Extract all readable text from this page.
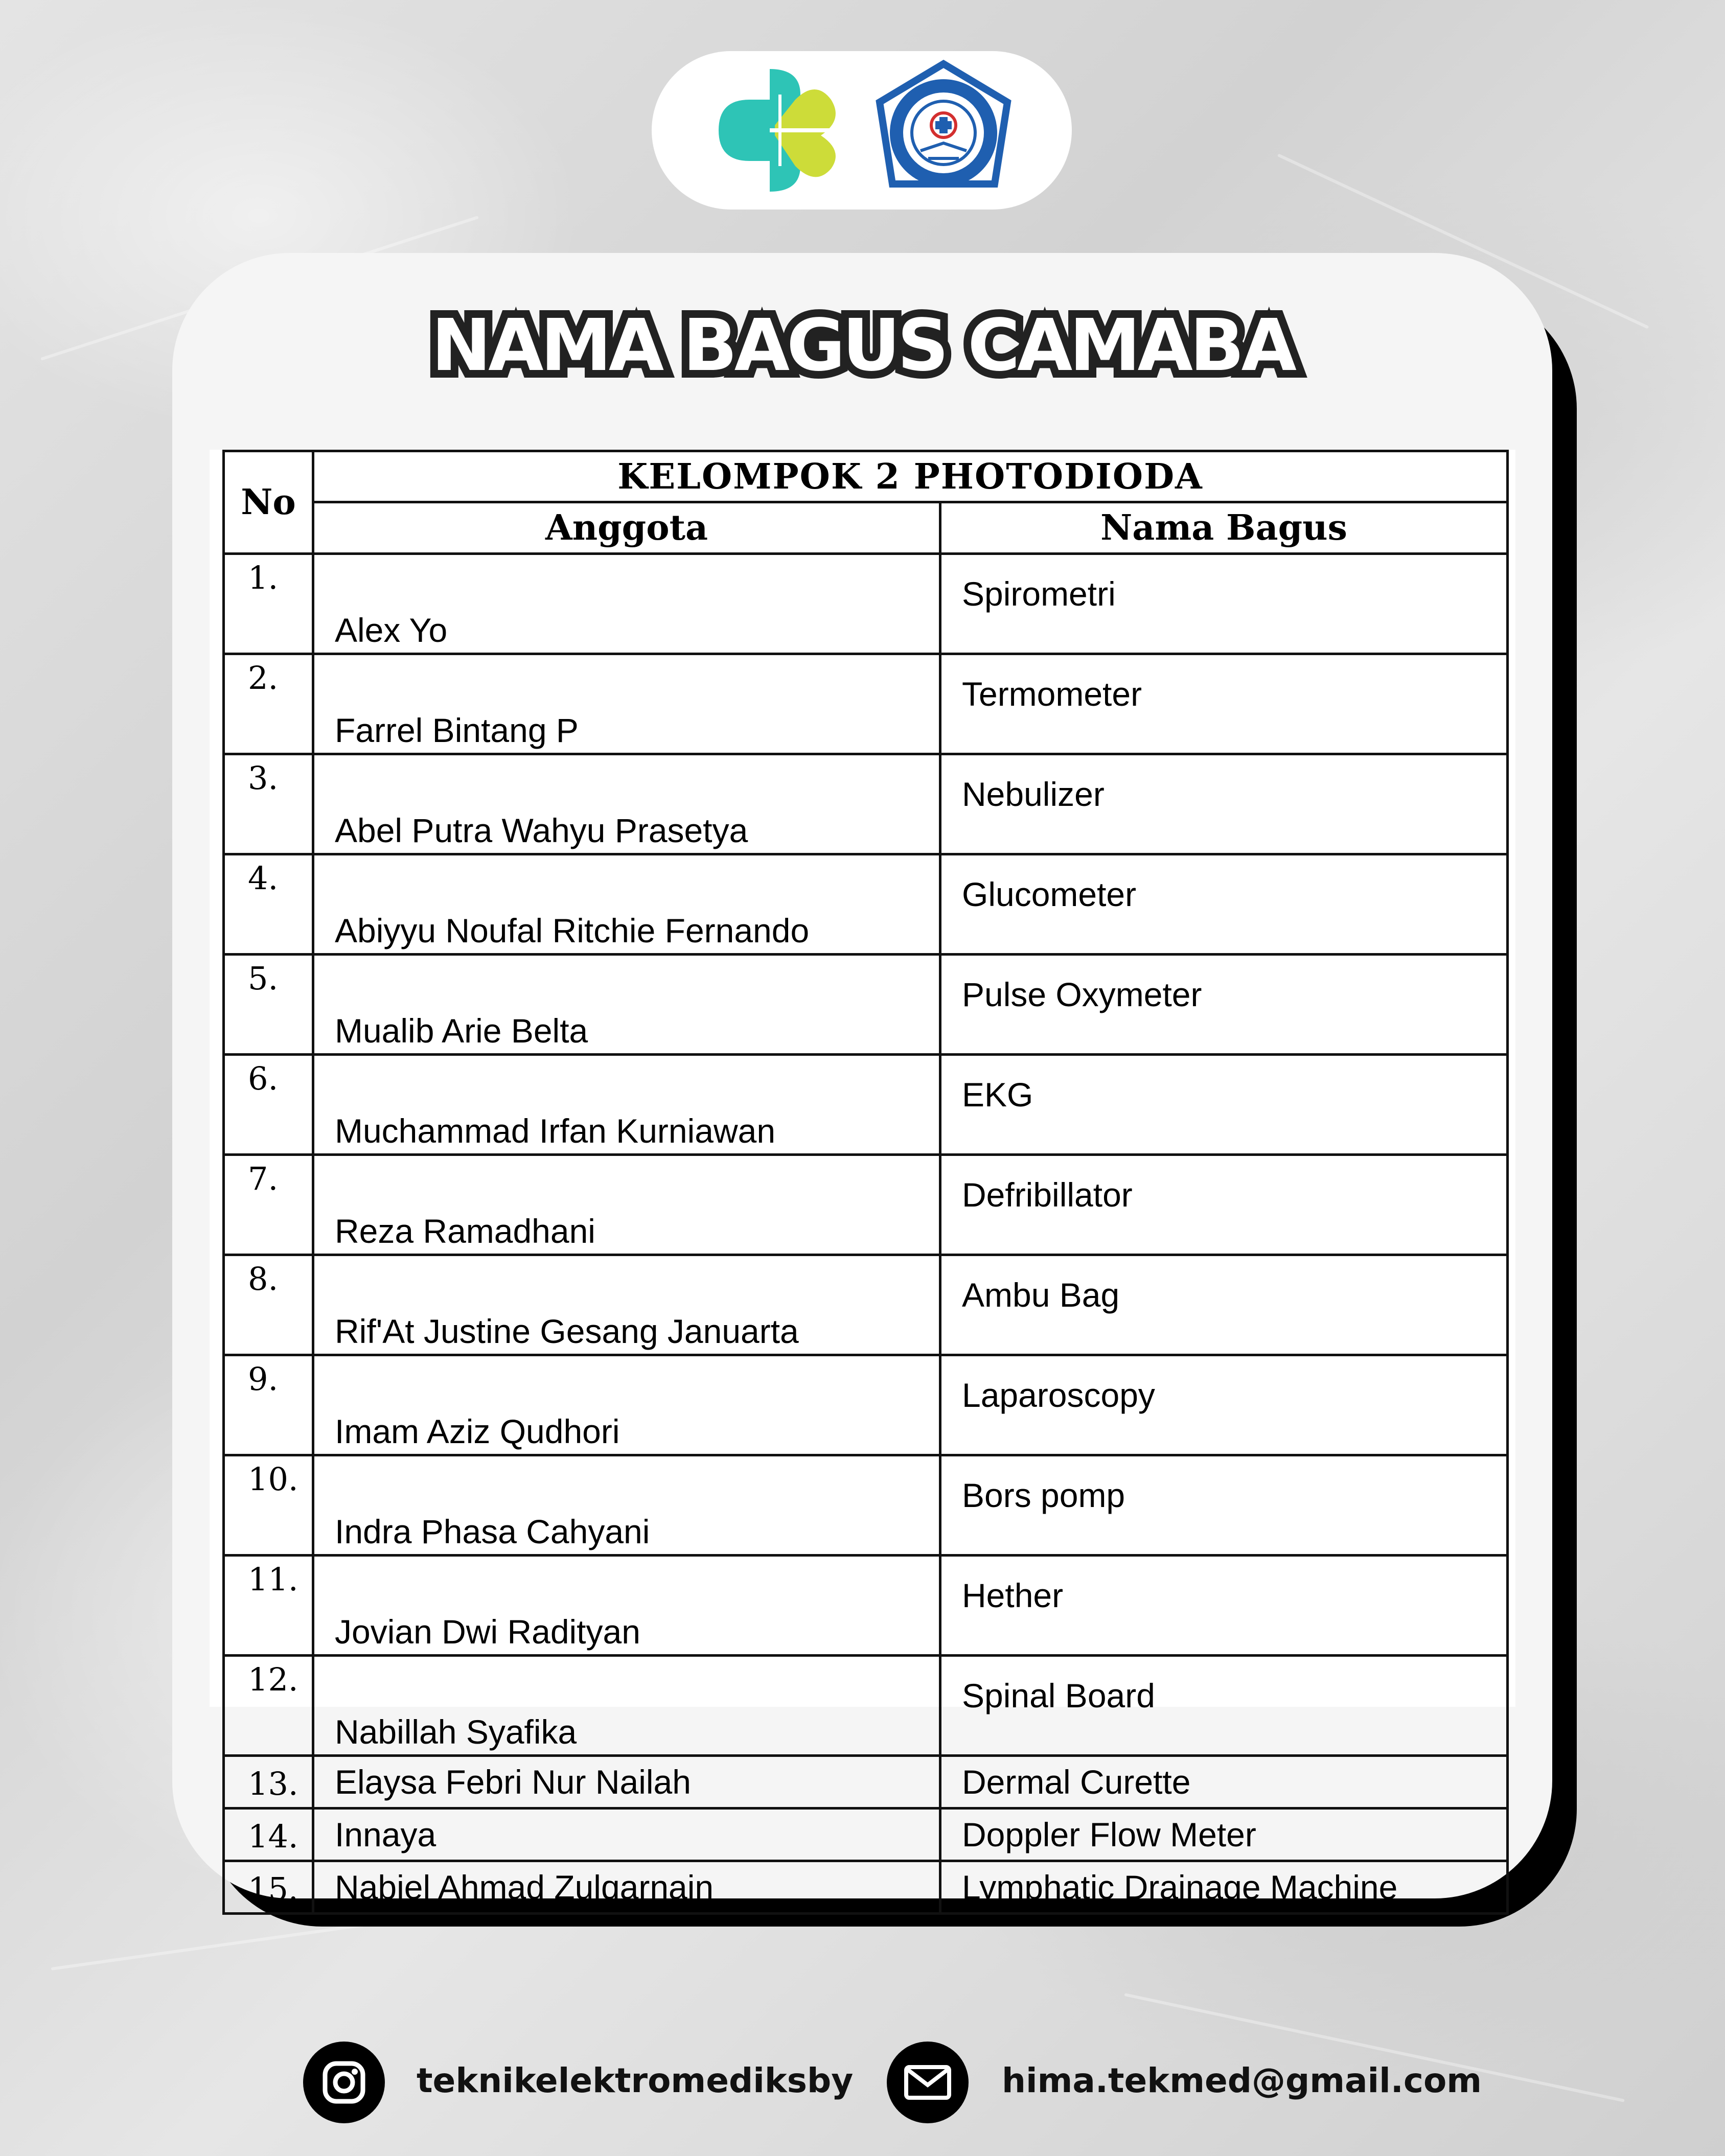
NAMA BAGUS CAMABA
No	KELOMPOK 2 PHOTODIODA	
	Anggota	Nama Bagus
1.	Alex Yo	Spirometri
2.	Farrel Bintang P	Termometer
3.	Abel Putra Wahyu Prasetya	Nebulizer
4.	Abiyyu Noufal Ritchie Fernando	Glucometer
5.	Mualib Arie Belta	Pulse Oxymeter
6.	Muchammad Irfan Kurniawan	EKG
7.	Reza Ramadhani	Defribillator
8.	Rif'At Justine Gesang Januarta	Ambu Bag
9.	Imam Aziz Qudhori	Laparoscopy
10.	Indra Phasa Cahyani	Bors pomp
11.	Jovian Dwi Radityan	Hether
12.	Nabillah Syafika	Spinal Board
13.	Elaysa Febri Nur Nailah	Dermal Curette
14.	Innaya	Doppler Flow Meter
15.	Nabiel Ahmad Zulqarnain	Lymphatic Drainage Machine
teknikelektromediksby	hima.tekmed@gmail.com
